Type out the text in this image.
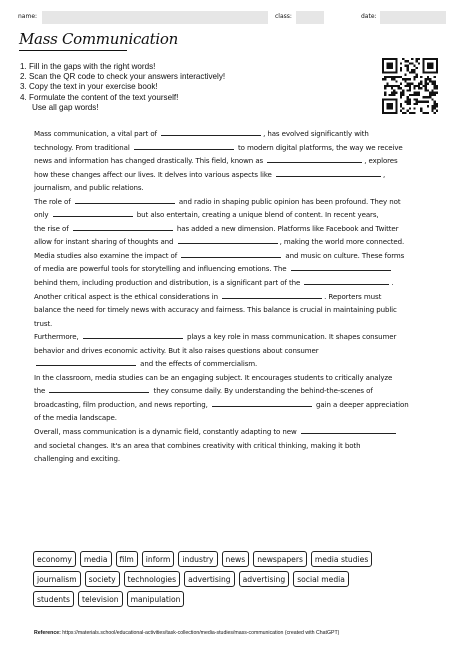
name:	class:	date:
Mass Communication
1. Fill in the gaps with the right words!
2. Scan the QR code to check your answers interactively!
3. Copy the text in your exercise book!
4. Formulate the content of the text yourself!
Use all gap words!
Mass communication, a vital part of	, has evolved significantly with
technology. From traditional	to modern digital platforms, the way we receive
news and information has changed drastically. This field, known as	, explores
how these changes affect our lives. It delves into various aspects like	,
journalism, and public relations.
The role of	and radio in shaping public opinion has been profound. They not
only	but also entertain, creating a unique blend of content. In recent years,
the rise of	has added a new dimension. Platforms like Facebook and Twitter
allow for instant sharing of thoughts and	, making the world more connected.
Media studies also examine the impact of	and music on culture. These forms
of media are powerful tools for storytelling and influencing emotions. The
behind them, including production and distribution, is a significant part of the	.
Another critical aspect is the ethical considerations in	. Reporters must
balance the need for timely news with accuracy and fairness. This balance is crucial in maintaining public
trust.
Furthermore,	plays a key role in mass communication. It shapes consumer
behavior and drives economic activity. But it also raises questions about consumer
and the effects of commercialism.
In the classroom, media studies can be an engaging subject. It encourages students to critically analyze
the	they consume daily. By understanding the behind-the-scenes of
broadcasting, film production, and news reporting,	gain a deeper appreciation
of the media landscape.
Overall, mass communication is a dynamic field, constantly adapting to new
and societal changes. It's an area that combines creativity with critical thinking, making it both
challenging and exciting.
economy	media	film	inform	industry	news	newspapers	media studies
journalism	society	technologies	advertising	advertising	social media
students	television	manipulation
Reference: https://materials.school/educational-activities/task-collection/media-studies/mass-communication (created with ChatGPT)
